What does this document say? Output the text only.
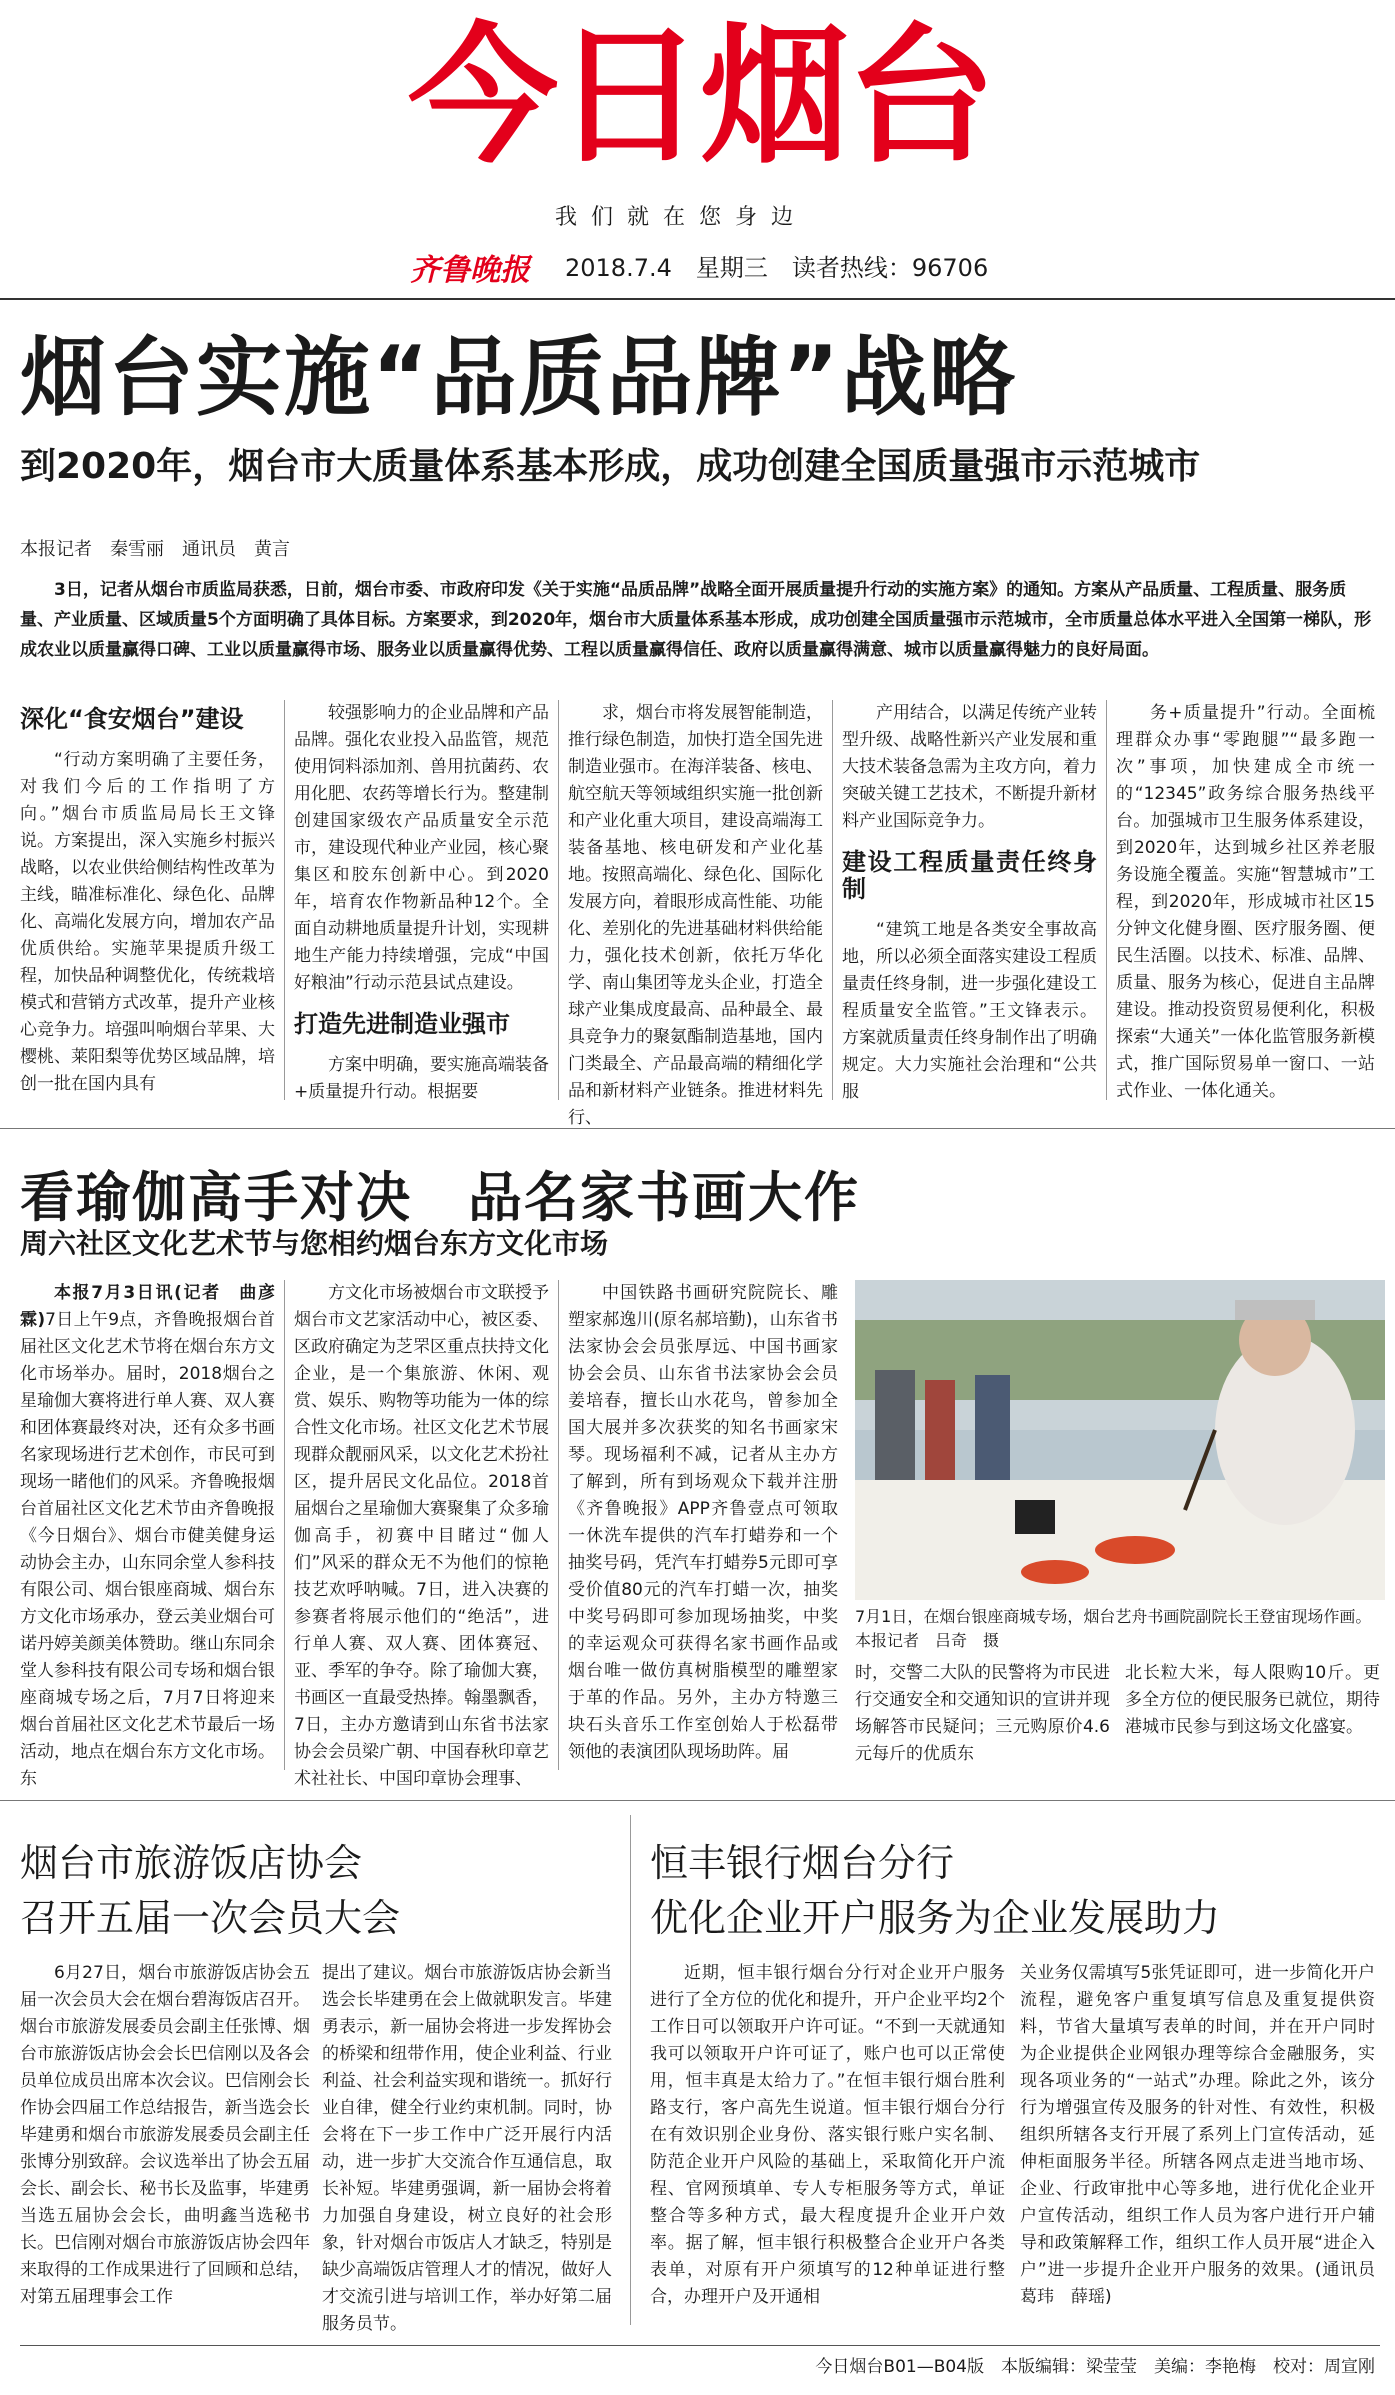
今日烟台
我们就在您身边
齐鲁晚报 2018.7.4　星期三　读者热线：96706
烟台实施“品质品牌”战略
到2020年，烟台市大质量体系基本形成，成功创建全国质量强市示范城市
本报记者　秦雪丽　通讯员　黄言
3日，记者从烟台市质监局获悉，日前，烟台市委、市政府印发《关于实施“品质品牌”战略全面开展质量提升行动的实施方案》的通知。方案从产品质量、工程质量、服务质量、产业质量、区域质量5个方面明确了具体目标。方案要求，到2020年，烟台市大质量体系基本形成，成功创建全国质量强市示范城市，全市质量总体水平进入全国第一梯队，形成农业以质量赢得口碑、工业以质量赢得市场、服务业以质量赢得优势、工程以质量赢得信任、政府以质量赢得满意、城市以质量赢得魅力的良好局面。
深化“食安烟台”建设

“行动方案明确了主要任务，对我们今后的工作指明了方向。”烟台市质监局局长王文锋说。方案提出，深入实施乡村振兴战略，以农业供给侧结构性改革为主线，瞄准标准化、绿色化、品牌化、高端化发展方向，增加农产品优质供给。实施苹果提质升级工程，加快品种调整优化，传统栽培模式和营销方式改革，提升产业核心竞争力。培强叫响烟台苹果、大樱桃、莱阳梨等优势区域品牌，培创一批在国内具有

较强影响力的企业品牌和产品品牌。强化农业投入品监管，规范使用饲料添加剂、兽用抗菌药、农用化肥、农药等增长行为。整建制创建国家级农产品质量安全示范市，建设现代种业产业园，核心聚集区和胶东创新中心。到2020年，培育农作物新品种12个。全面自动耕地质量提升计划，实现耕地生产能力持续增强，完成“中国好粮油”行动示范县试点建设。

打造先进制造业强市

方案中明确，要实施高端装备+质量提升行动。根据要

求，烟台市将发展智能制造，推行绿色制造，加快打造全国先进制造业强市。在海洋装备、核电、航空航天等领域组织实施一批创新和产业化重大项目，建设高端海工装备基地、核电研发和产业化基地。按照高端化、绿色化、国际化发展方向，着眼形成高性能、功能化、差别化的先进基础材料供给能力，强化技术创新，依托万华化学、南山集团等龙头企业，打造全球产业集成度最高、品种最全、最具竞争力的聚氨酯制造基地，国内门类最全、产品最高端的精细化学品和新材料产业链条。推进材料先行、

产用结合，以满足传统产业转型升级、战略性新兴产业发展和重大技术装备急需为主攻方向，着力突破关键工艺技术，不断提升新材料产业国际竞争力。

建设工程质量责任终身制

“建筑工地是各类安全事故高地，所以必须全面落实建设工程质量责任终身制，进一步强化建设工程质量安全监管。”王文锋表示。方案就质量责任终身制作出了明确规定。大力实施社会治理和“公共服

务+质量提升”行动。全面梳理群众办事“零跑腿”“最多跑一次”事项，加快建成全市统一的“12345”政务综合服务热线平台。加强城市卫生服务体系建设，到2020年，达到城乡社区养老服务设施全覆盖。实施“智慧城市”工程，到2020年，形成城市社区15分钟文化健身圈、医疗服务圈、便民生活圈。以技术、标准、品牌、质量、服务为核心，促进自主品牌建设。推动投资贸易便利化，积极探索“大通关”一体化监管服务新模式，推广国际贸易单一窗口、一站式作业、一体化通关。

看瑜伽高手对决　品名家书画大作
周六社区文化艺术节与您相约烟台东方文化市场

本报7月3日讯(记者　曲彦霖)7日上午9点，齐鲁晚报烟台首届社区文化艺术节将在烟台东方文化市场举办。届时，2018烟台之星瑜伽大赛将进行单人赛、双人赛和团体赛最终对决，还有众多书画名家现场进行艺术创作，市民可到现场一睹他们的风采。齐鲁晚报烟台首届社区文化艺术节由齐鲁晚报《今日烟台》、烟台市健美健身运动协会主办，山东同余堂人参科技有限公司、烟台银座商城、烟台东方文化市场承办，登云美业烟台可诺丹婷美颜美体赞助。继山东同余堂人参科技有限公司专场和烟台银座商城专场之后，7月7日将迎来烟台首届社区文化艺术节最后一场活动，地点在烟台东方文化市场。东

方文化市场被烟台市文联授予烟台市文艺家活动中心，被区委、区政府确定为芝罘区重点扶持文化企业，是一个集旅游、休闲、观赏、娱乐、购物等功能为一体的综合性文化市场。社区文化艺术节展现群众靓丽风采，以文化艺术扮社区，提升居民文化品位。2018首届烟台之星瑜伽大赛聚集了众多瑜伽高手，初赛中目睹过“伽人们”风采的群众无不为他们的惊艳技艺欢呼呐喊。7日，进入决赛的参赛者将展示他们的“绝活”，进行单人赛、双人赛、团体赛冠、亚、季军的争夺。除了瑜伽大赛，书画区一直最受热捧。翰墨飘香，7日，主办方邀请到山东省书法家协会会员梁广朝、中国春秋印章艺术社社长、中国印章协会理事、

中国铁路书画研究院院长、雕塑家郝逸川(原名郝培勤)，山东省书法家协会会员张厚远、中国书画家协会会员、山东省书法家协会会员姜培春，擅长山水花鸟，曾参加全国大展并多次获奖的知名书画家宋琴。现场福利不减，记者从主办方了解到，所有到场观众下载并注册《齐鲁晚报》APP齐鲁壹点可领取一休洗车提供的汽车打蜡券和一个抽奖号码，凭汽车打蜡券5元即可享受价值80元的汽车打蜡一次，抽奖中奖号码即可参加现场抽奖，中奖的幸运观众可获得名家书画作品或烟台唯一做仿真树脂模型的雕塑家于革的作品。另外，主办方特邀三块石头音乐工作室创始人于松磊带领他的表演团队现场助阵。届

7月1日，在烟台银座商城专场，烟台艺舟书画院副院长王登宙现场作画。本报记者　吕奇　摄

时，交警二大队的民警将为市民进行交通安全和交通知识的宣讲并现场解答市民疑问；三元购原价4.6元每斤的优质东

北长粒大米，每人限购10斤。更多全方位的便民服务已就位，期待港城市民参与到这场文化盛宴。

烟台市旅游饭店协会
召开五届一次会员大会

6月27日，烟台市旅游饭店协会五届一次会员大会在烟台碧海饭店召开。烟台市旅游发展委员会副主任张博、烟台市旅游饭店协会会长巴信刚以及各会员单位成员出席本次会议。巴信刚会长作协会四届工作总结报告，新当选会长毕建勇和烟台市旅游发展委员会副主任张博分别致辞。会议选举出了协会五届会长、副会长、秘书长及监事，毕建勇当选五届协会会长，曲明鑫当选秘书长。巴信刚对烟台市旅游饭店协会四年来取得的工作成果进行了回顾和总结，对第五届理事会工作

提出了建议。烟台市旅游饭店协会新当选会长毕建勇在会上做就职发言。毕建勇表示，新一届协会将进一步发挥协会的桥梁和纽带作用，使企业利益、行业利益、社会利益实现和谐统一。抓好行业自律，健全行业约束机制。同时，协会将在下一步工作中广泛开展行内活动，进一步扩大交流合作互通信息，取长补短。毕建勇强调，新一届协会将着力加强自身建设，树立良好的社会形象，针对烟台市饭店人才缺乏，特别是缺少高端饭店管理人才的情况，做好人才交流引进与培训工作，举办好第二届服务员节。

恒丰银行烟台分行
优化企业开户服务为企业发展助力

近期，恒丰银行烟台分行对企业开户服务进行了全方位的优化和提升，开户企业平均2个工作日可以领取开户许可证。“不到一天就通知我可以领取开户许可证了，账户也可以正常使用，恒丰真是太给力了。”在恒丰银行烟台胜利路支行，客户高先生说道。恒丰银行烟台分行在有效识别企业身份、落实银行账户实名制、防范企业开户风险的基础上，采取简化开户流程、官网预填单、专人专柜服务等方式，单证整合等多种方式，最大程度提升企业开户效率。据了解，恒丰银行积极整合企业开户各类表单，对原有开户须填写的12种单证进行整合，办理开户及开通相

关业务仅需填写5张凭证即可，进一步简化开户流程，避免客户重复填写信息及重复提供资料，节省大量填写表单的时间，并在开户同时为企业提供企业网银办理等综合金融服务，实现各项业务的“一站式”办理。除此之外，该分行为增强宣传及服务的针对性、有效性，积极组织所辖各支行开展了系列上门宣传活动，延伸柜面服务半径。所辖各网点走进当地市场、企业、行政审批中心等多地，进行优化企业开户宣传活动，组织工作人员为客户进行开户辅导和政策解释工作，组织工作人员开展“进企入户”进一步提升企业开户服务的效果。(通讯员　葛玮　薛瑶)

今日烟台B01—B04版　本版编辑：梁莹莹　美编：李艳梅　校对：周宣刚
